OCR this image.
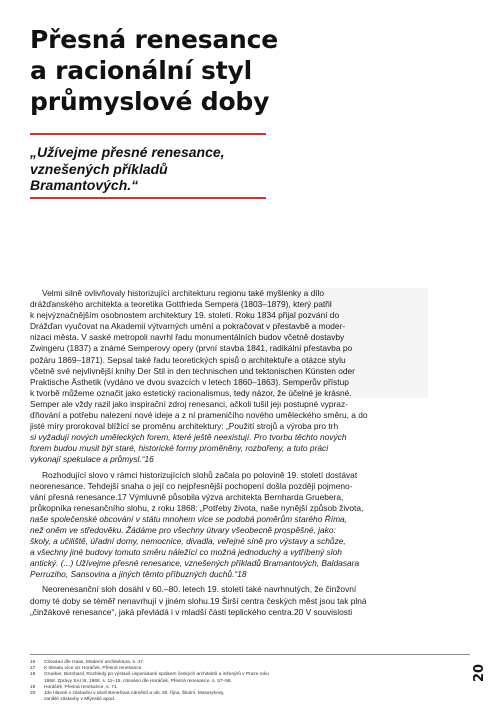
Přesná renesance
a racionální styl
průmyslové doby
„Užívejme přesné renesance,
vznešených příkladů
Bramantových.“
Velmi silně ovlivňovaly historizující architekturu regionu také myšlenky a dílo
drážďanského architekta a teoretika Gottfrieda Sempera (1803–1879), který patřil
k nejvýznačnějším osobnostem architektury 19. století. Roku 1834 přijal pozvání do
Drážďan vyučovat na Akademii výtvarných umění a pokračovat v přestavbě a moder-
nizaci města. V saské metropoli navrhl řadu monumentálních budov včetně dostavby
Zwingeru (1837) a známé Semperovy opery (první stavba 1841, radikální přestavba po
požáru 1869–1871). Sepsal také řadu teoretických spisů o architektuře a otázce stylu
včetně své nejvlivnější knihy Der Stil in den technischen und tektonischen Künsten oder
Praktische Ästhetik (vydáno ve dvou svazcích v letech 1860–1863). Semperův přístup
k tvorbě můžeme označit jako estetický racionalismus, tedy názor, že účelné je krásné.
Semper ale vždy razil jako inspirační zdroj renesanci, ačkoli tušil jejı postupné vypraz-
ďňování a potřebu nalezení nové ideje a z ní prameničího nového uměleckého směru, a do
jisté míry prorokoval blížící se proměnu architektury: „Použití strojů a výroba pro trh
si vyžadují nových uměleckých forem, které ještě neexistují. Pro tvorbu těchto nových
forem budou musit být staré, historické formy proměněny, rozbořeny, a tuto práci
vykonají spekulace a průmysl.“16
Rozhodující slovo v rámci historizujících slohů začala po polovině 19. století dostávat
neorenesance. Tehdejší snaha o její co nejpřesnější pochopení došla později pojmeno-
vání přesná renesance.17 Výmluvně působila výzva architekta Bernharda Gruebera,
průkopníka renesančního slohu, z roku 1868: „Potřeby života, naše nynější způsob života,
naše společenské obcování v státu mnohem více se podobá poměrům starého Říma,
než oněm ve středověku. Žádáme pro všechny útvary všeobecně prospěšné, jako:
školy, a učiliště, úřadní domy, nemocnice, divadla, veřejné síně pro výstavy a schůze,
a všechny jiné budovy tomuto směru náležící co možná jednoduchý a vytříbený sloh
antický. (...) Užívejme přesné renesance, vznešených příkladů Bramantových, Baldasara
Perruziho, Sansovina a jiných těmto příbuzných duchů.“18
Neorenesanční sloh dosáhl v 60.–80. letech 19. století také navrhnutých, že činžovní
domy té doby se téměř nenavrhují v jiném slohu.19 Širší centra českých měst jsou tak plná
„činžákové renesance“, jaká převládá i v mladší části teplického centra.20 V souvislosti
16	Citováno dle Haas, Moderní architektura, s. 47.
17	K tématu více viz Horáček, Přesná renesance.
18	Grueber, Bernhard, Rozhledy po výstavě usporádané spolkem českých architektů a inženýrů v Praze roku
1868. Zprávy SAI III, 1868, s. 11–15, citováno dle Horáček, Přesná renesance, s. 57–58.
19	Horáček, Přesná renesance, s. 71.
20	Jde hlavně o zástavbu v okolí Benešova náměstí a ulic 28. října, Školní, Masarykovy,
zaniklé zástavby v Mlýnské apod.
20
